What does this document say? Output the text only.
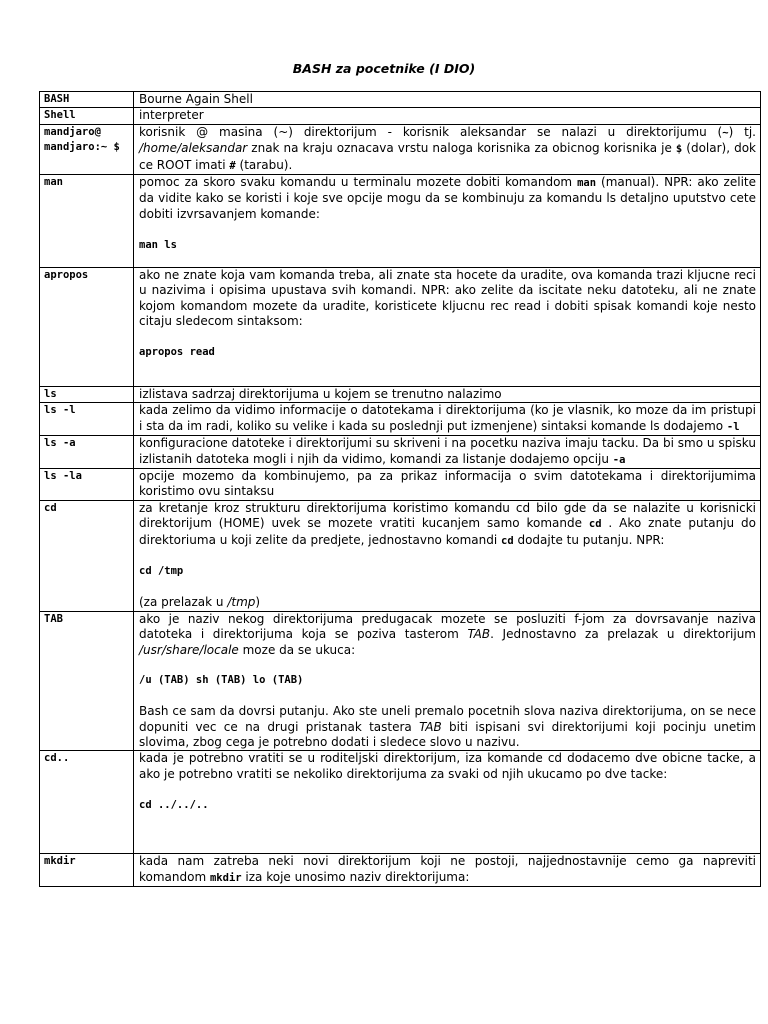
BASH za pocetnike (I DIO)
BASH	Bourne Again Shell
Shell	interpreter
mandjaro@ mandjaro:~ $	korisnik @ masina (~) direktorijum - korisnik aleksandar se nalazi u direktorijumu (~) tj. /home/aleksandar znak na kraju oznacava vrstu naloga korisnika za obicnog korisnika je $ (dolar), dok ce ROOT imati # (tarabu).
man	pomoc za skoro svaku komandu u terminalu mozete dobiti komandom man (manual). NPR: ako zelite da vidite kako se koristi i koje sve opcije mogu da se kombinuju za komandu ls detaljno uputstvo cete dobiti izvrsavanjem komande:
man ls

apropos	ako ne znate koja vam komanda treba, ali znate sta hocete da uradite, ova komanda trazi kljucne reci u nazivima i opisima upustava svih komandi. NPR: ako zelite da iscitate neku datoteku, ali ne znate kojom komandom mozete da uradite, koristicete kljucnu rec read i dobiti spisak komandi koje nesto citaju sledecom sintaksom:
apropos read

ls	izlistava sadrzaj direktorijuma u kojem se trenutno nalazimo
ls -l	kada zelimo da vidimo informacije o datotekama i direktorijuma (ko je vlasnik, ko moze da im pristupi i sta da im radi, koliko su velike i kada su poslednji put izmenjene) sintaksi komande ls dodajemo -l
ls -a	konfiguracione datoteke i direktorijumi su skriveni i na pocetku naziva imaju tacku. Da bi smo u spisku izlistanih datoteka mogli i njih da vidimo, komandi za listanje dodajemo opciju -a
ls -la	opcije mozemo da kombinujemo, pa za prikaz informacija o svim datotekama i direktorijumima koristimo ovu sintaksu
cd	za kretanje kroz strukturu direktorijuma koristimo komandu cd bilo gde da se nalazite u korisnicki direktorijum (HOME) uvek se mozete vratiti kucanjem samo komande cd . Ako znate putanju do direktoriuma u koji zelite da predjete, jednostavno komandi cd dodajte tu putanju. NPR:
cd /tmp
(za prelazak u /tmp)

TAB	ako je naziv nekog direktorijuma predugacak mozete se posluziti f-jom za dovrsavanje naziva datoteka i direktorijuma koja se poziva tasterom TAB. Jednostavno za prelazak u direktorijum /usr/share/locale moze da se ukuca:
/u (TAB) sh (TAB) lo (TAB)
Bash ce sam da dovrsi putanju. Ako ste uneli premalo pocetnih slova naziva direktorijuma, on se nece dopuniti vec ce na drugi pristanak tastera TAB biti ispisani svi direktorijumi koji pocinju unetim slovima, zbog cega je potrebno dodati i sledece slovo u nazivu.

cd..	kada je potrebno vratiti se u roditeljski direktorijum, iza komande cd dodacemo dve obicne tacke, a ako je potrebno vratiti se nekoliko direktorijuma za svaki od njih ukucamo po dve tacke:
cd ../../..

mkdir	kada nam zatreba neki novi direktorijum koji ne postoji, najjednostavnije cemo ga napreviti komandom mkdir iza koje unosimo naziv direktorijuma:
